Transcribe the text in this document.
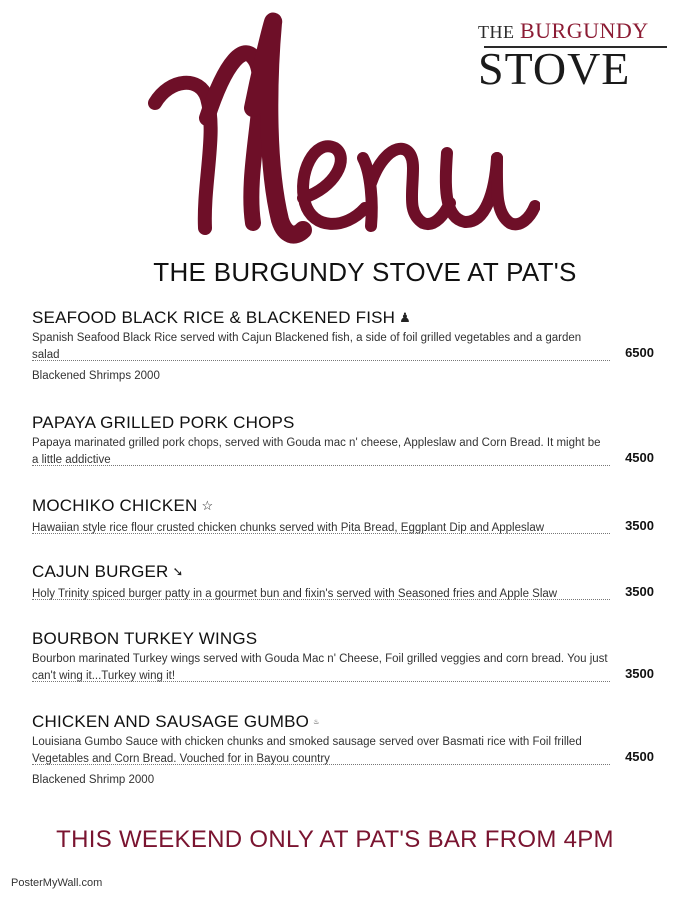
THE BURGUNDY
STOVE
THE BURGUNDY STOVE AT PAT'S
SEAFOOD BLACK RICE & BLACKENED FISH ♟
Spanish Seafood Black Rice served with Cajun Blackened fish, a side of foil grilled vegetables and a garden salad	6500
Blackened Shrimps 2000
PAPAYA GRILLED PORK CHOPS
Papaya marinated grilled pork chops, served with Gouda mac n' cheese, Appleslaw and Corn Bread. It might be a little addictive	4500
MOCHIKO CHICKEN ☆
Hawaiian style rice flour crusted chicken chunks served with Pita Bread, Eggplant Dip and Appleslaw	3500
CAJUN BURGER ➘
Holy Trinity spiced burger patty in a gourmet bun and fixin's served with Seasoned fries and Apple Slaw	3500
BOURBON TURKEY WINGS
Bourbon marinated Turkey wings served with Gouda Mac n' Cheese, Foil grilled veggies and corn bread. You just can't wing it...Turkey wing it!	3500
CHICKEN AND SAUSAGE GUMBO ♨
Louisiana Gumbo Sauce with chicken chunks and smoked sausage served over Basmati rice with Foil frilled Vegetables and Corn Bread. Vouched for in Bayou country	4500
Blackened Shrimp 2000
THIS WEEKEND ONLY AT PAT'S BAR FROM 4PM
PosterMyWall.com
